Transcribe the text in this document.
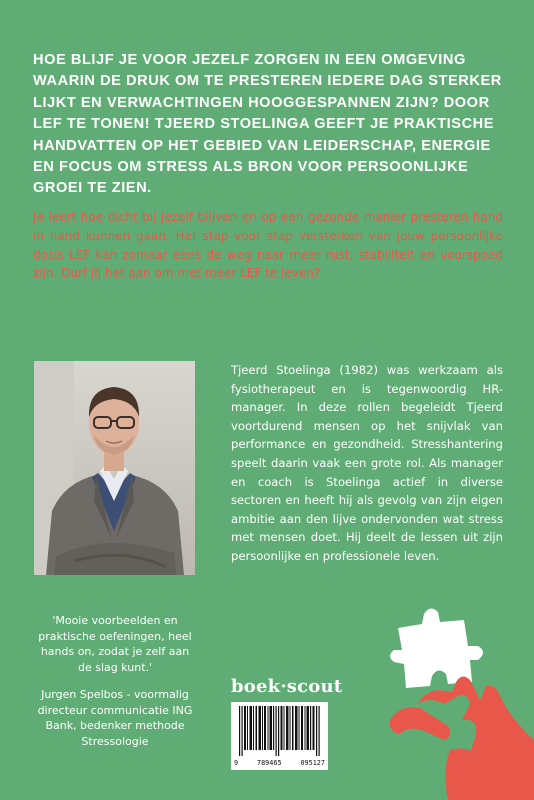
HOE BLIJF JE VOOR JEZELF ZORGEN IN EEN OMGEVING WAARIN DE DRUK OM TE PRESTEREN IEDERE DAG STERKER LIJKT EN VERWACHTINGEN HOOGGESPANNEN ZIJN? DOOR LEF TE TONEN! TJEERD STOELINGA GEEFT JE PRAKTISCHE HANDVATTEN OP HET GEBIED VAN LEIDERSCHAP, ENERGIE EN FOCUS OM STRESS ALS BRON VOOR PERSOONLIJKE GROEI TE ZIEN.
Je leert hoe dicht bij jezelf blijven en op een gezonde manier presteren hand in hand kunnen gaan. Het stap voor stap versterken van jouw persoonlijke dosis LEF kan zomaar eens de weg naar meer rust, stabiliteit en voorspoed zijn. Durf jij het aan om met meer LEF te leven?
Tjeerd Stoelinga (1982) was werkzaam als fysiotherapeut en is tegenwoordig HR-manager. In deze rollen begeleidt Tjeerd voortdurend mensen op het snijvlak van performance en gezondheid. Stresshantering speelt daarin vaak een grote rol. Als manager en coach is Stoelinga actief in diverse sectoren en heeft hij als gevolg van zijn eigen ambitie aan den lijve ondervonden wat stress met mensen doet. Hij deelt de lessen uit zijn persoonlijke en professionele leven.
'Mooie voorbeelden en praktische oefeningen, heel hands on, zodat je zelf aan de slag kunt.'
Jurgen Spelbos - voormalig directeur communicatie ING Bank, bedenker methode Stressologie
boek·scout
9	789465	095127
